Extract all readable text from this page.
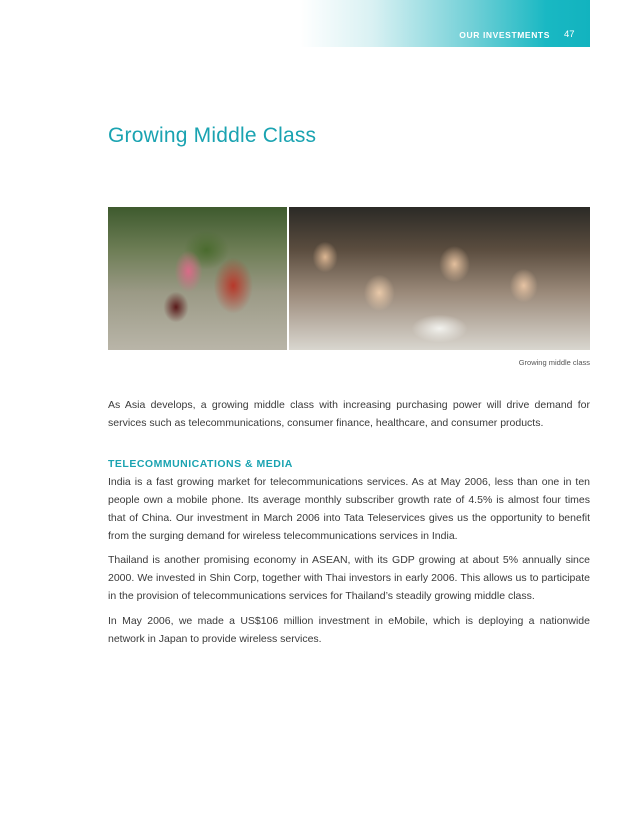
OUR INVESTMENTS 47
Growing Middle Class
Growing middle class

As Asia develops, a growing middle class with increasing purchasing power will drive demand for services such as telecommunications, consumer finance, healthcare, and consumer products.

TELECOMMUNICATIONS & MEDIA

India is a fast growing market for telecommunications services. As at May 2006, less than one in ten people own a mobile phone. Its average monthly subscriber growth rate of 4.5% is almost four times that of China. Our investment in March 2006 into Tata Teleservices gives us the opportunity to benefit from the surging demand for wireless telecommunications services in India.

Thailand is another promising economy in ASEAN, with its GDP growing at about 5% annually since 2000. We invested in Shin Corp, together with Thai investors in early 2006. This allows us to participate in the provision of telecommunications services for Thailand’s steadily growing middle class.

In May 2006, we made a US$106 million investment in eMobile, which is deploying a nationwide network in Japan to provide wireless services.
